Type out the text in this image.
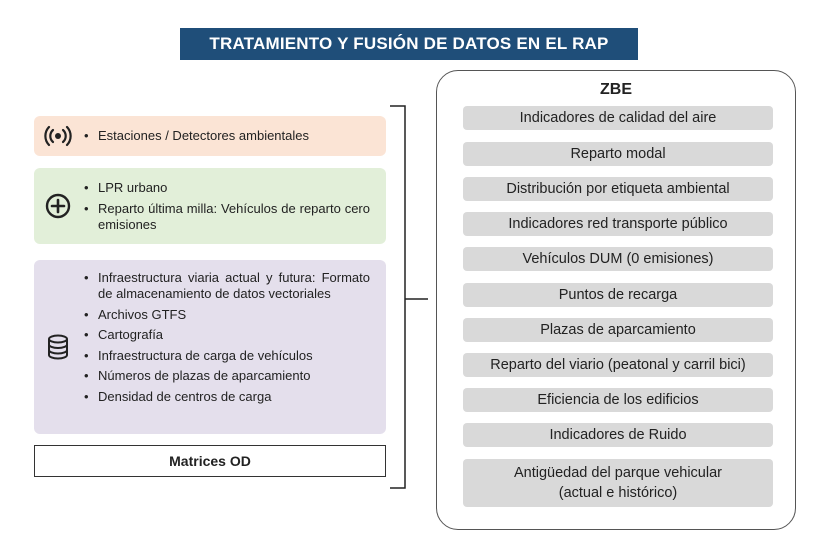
TRATAMIENTO Y FUSIÓN DE DATOS EN EL RAP
• Estaciones / Detectores ambientales
• LPR urbano
• Reparto última milla: Vehículos de reparto cero emisiones
• Infraestructura viaria actual y futura: Formato de almacenamiento de datos vectoriales
• Archivos GTFS
• Cartografía
• Infraestructura de carga de vehículos
• Números de plazas de aparcamiento
• Densidad de centros de carga
Matrices OD
ZBE
Indicadores de calidad del aire
Reparto modal
Distribución por etiqueta ambiental
Indicadores red transporte público
Vehículos DUM (0 emisiones)
Puntos de recarga
Plazas de aparcamiento
Reparto del viario (peatonal y carril bici)
Eficiencia de los edificios
Indicadores de Ruido
Antigüedad del parque vehicular
(actual e histórico)
